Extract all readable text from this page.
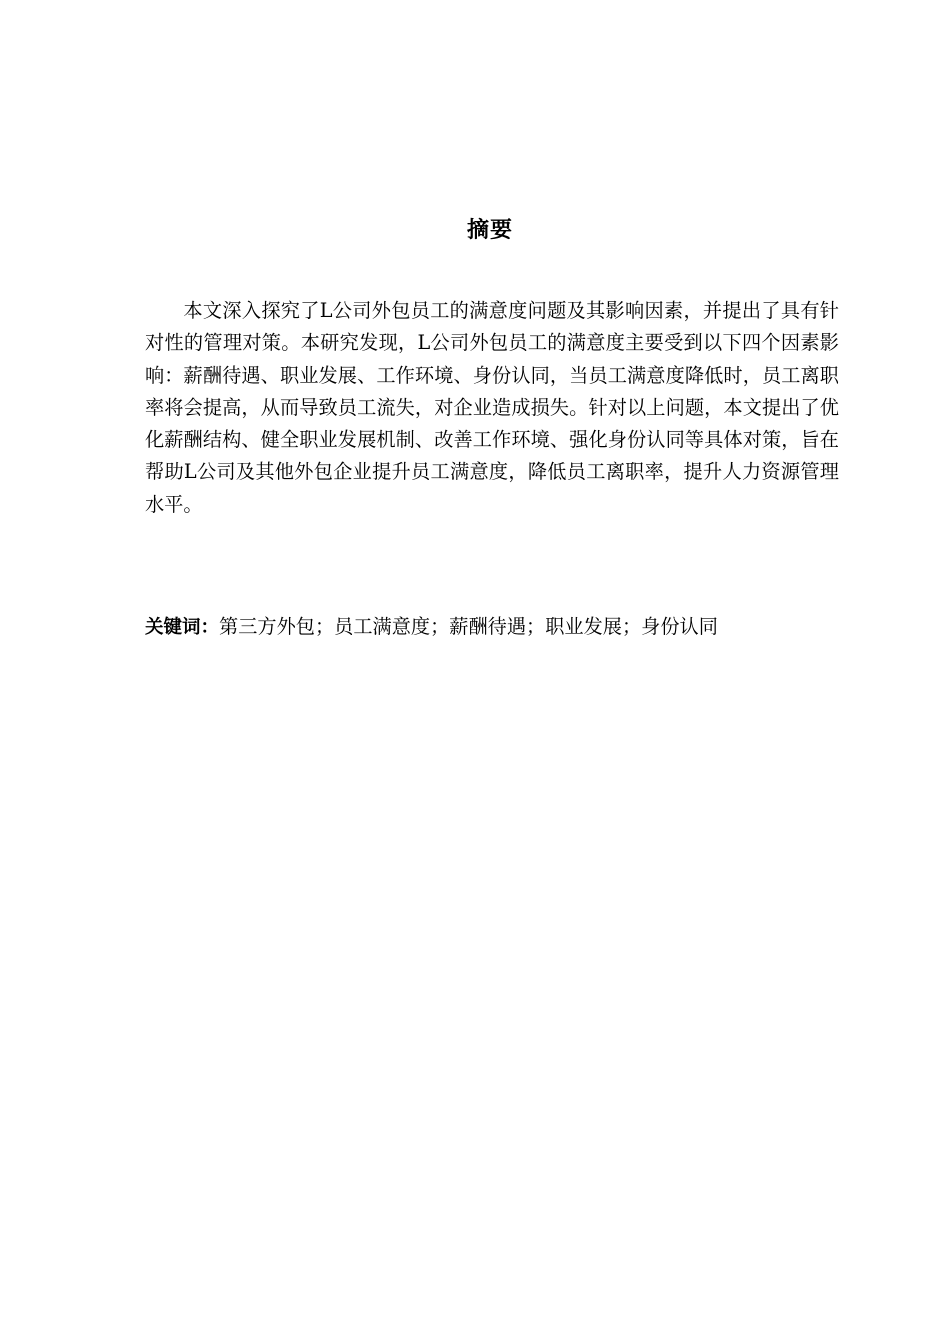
摘要

本文深入探究了L公司外包员工的满意度问题及其影响因素，并提出了具有针对性的管理对策。本研究发现，L公司外包员工的满意度主要受到以下四个因素影响：薪酬待遇、职业发展、工作环境、身份认同，当员工满意度降低时，员工离职率将会提高，从而导致员工流失，对企业造成损失。针对以上问题，本文提出了优化薪酬结构、健全职业发展机制、改善工作环境、强化身份认同等具体对策，旨在帮助L公司及其他外包企业提升员工满意度，降低员工离职率，提升人力资源管理水平。

关键词：第三方外包；员工满意度；薪酬待遇；职业发展；身份认同
